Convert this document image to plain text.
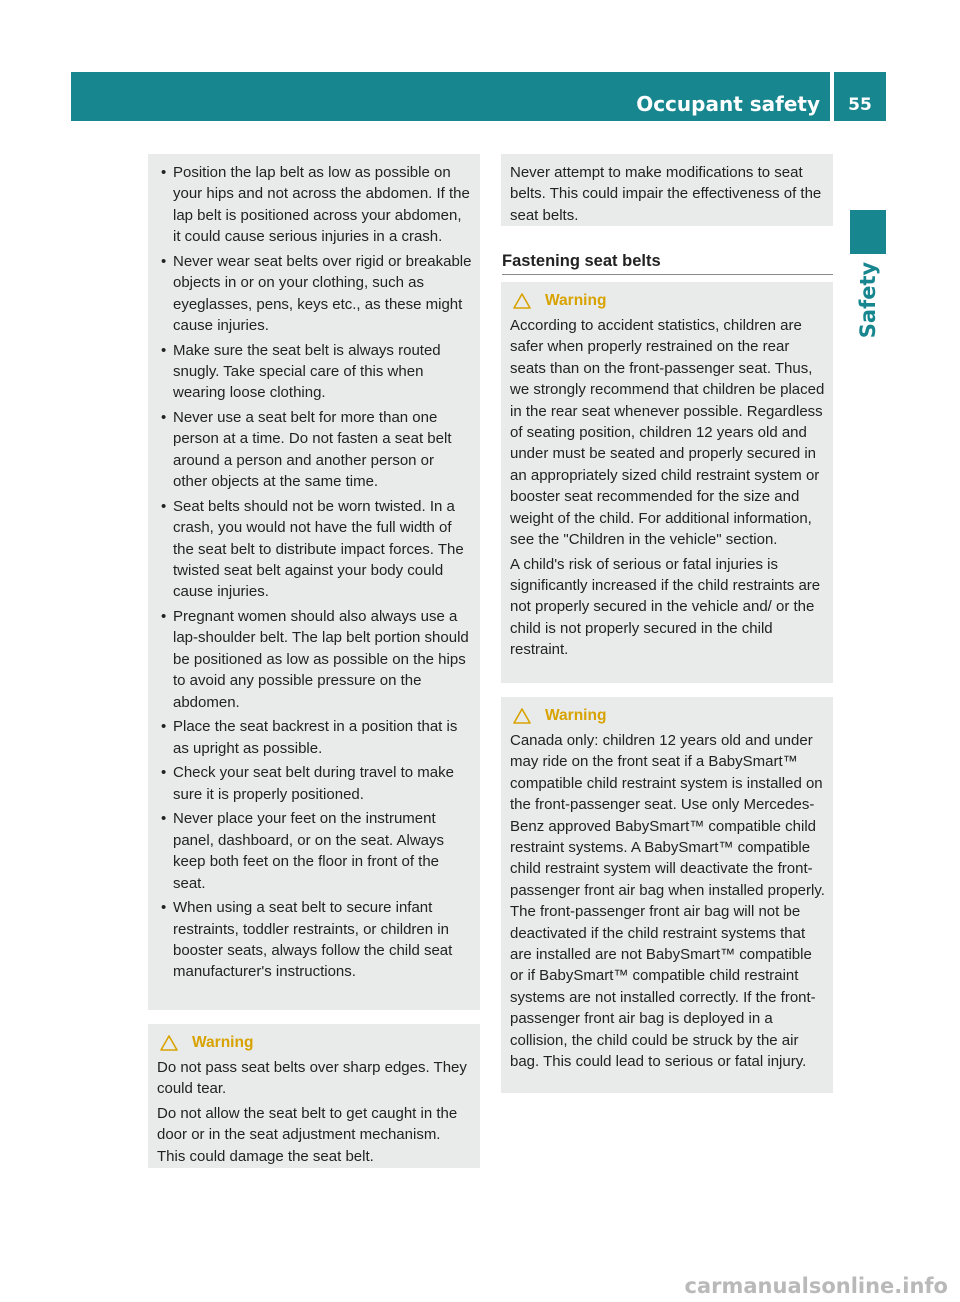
Occupant safety	55
Safety
• Position the lap belt as low as possible on your hips and not across the abdomen. If the lap belt is positioned across your abdomen, it could cause serious injuries in a crash.
• Never wear seat belts over rigid or breakable objects in or on your clothing, such as eyeglasses, pens, keys etc., as these might cause injuries.
• Make sure the seat belt is always routed snugly. Take special care of this when wearing loose clothing.
• Never use a seat belt for more than one person at a time. Do not fasten a seat belt around a person and another person or other objects at the same time.
• Seat belts should not be worn twisted. In a crash, you would not have the full width of the seat belt to distribute impact forces. The twisted seat belt against your body could cause injuries.
• Pregnant women should also always use a lap-shoulder belt. The lap belt portion should be positioned as low as possible on the hips to avoid any possible pressure on the abdomen.
• Place the seat backrest in a position that is as upright as possible.
• Check your seat belt during travel to make sure it is properly positioned.
• Never place your feet on the instrument panel, dashboard, or on the seat. Always keep both feet on the floor in front of the seat.
• When using a seat belt to secure infant restraints, toddler restraints, or children in booster seats, always follow the child seat manufacturer's instructions.
Warning

Do not pass seat belts over sharp edges. They could tear.

Do not allow the seat belt to get caught in the door or in the seat adjustment mechanism. This could damage the seat belt.

Never attempt to make modifications to seat belts. This could impair the effectiveness of the seat belts.

Fastening seat belts
Warning

According to accident statistics, children are safer when properly restrained on the rear seats than on the front-passenger seat. Thus, we strongly recommend that children be placed in the rear seat whenever possible. Regardless of seating position, children 12 years old and under must be seated and properly secured in an appropriately sized child restraint system or booster seat recommended for the size and weight of the child. For additional information, see the "Children in the vehicle" section.

A child's risk of serious or fatal injuries is significantly increased if the child restraints are not properly secured in the vehicle and/ or the child is not properly secured in the child restraint.

Warning

Canada only: children 12 years old and under may ride on the front seat if a BabySmart™ compatible child restraint system is installed on the front-passenger seat. Use only Mercedes-Benz approved BabySmart™ compatible child restraint systems. A BabySmart™ compatible child restraint system will deactivate the front-passenger front air bag when installed properly. The front-passenger front air bag will not be deactivated if the child restraint systems that are installed are not BabySmart™ compatible or if BabySmart™ compatible child restraint systems are not installed correctly. If the front-passenger front air bag is deployed in a collision, the child could be struck by the air bag. This could lead to serious or fatal injury.

carmanualsonline.info
